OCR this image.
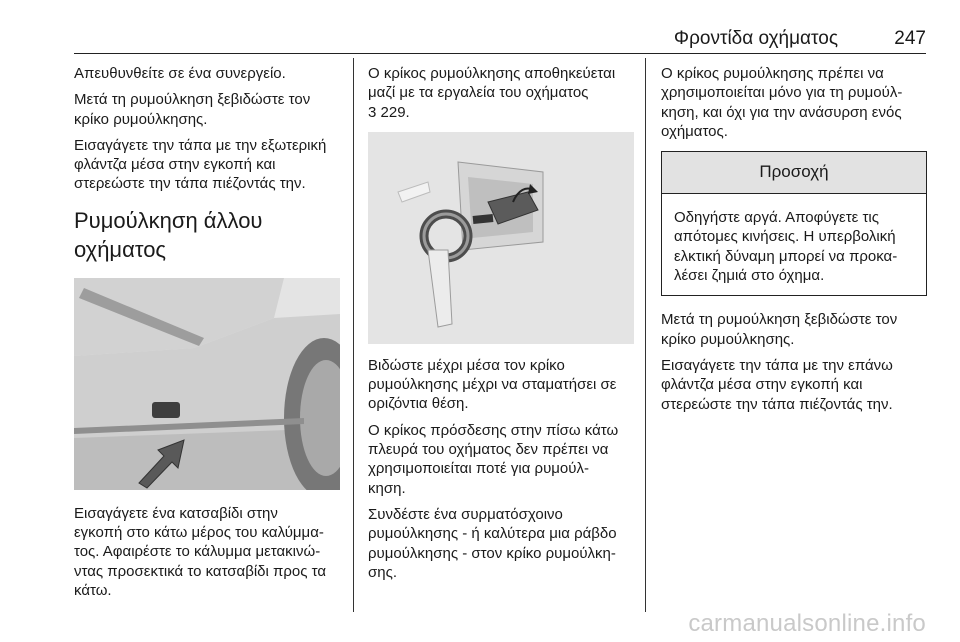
Φροντίδα οχήματος	247

Απευθυνθείτε σε ένα συνεργείο.

Μετά τη ρυμούλκηση ξεβιδώστε τον
κρίκο ρυμούλκησης.

Εισαγάγετε την τάπα με την εξωτερική
φλάντζα μέσα στην εγκοπή και
στερεώστε την τάπα πιέζοντάς την.

Ρυμούλκηση άλλου
οχήματος

Εισαγάγετε ένα κατσαβίδι στην
εγκοπή στο κάτω μέρος του καλύμμα-
τος. Αφαιρέστε το κάλυμμα μετακινώ-
ντας προσεκτικά το κατσαβίδι προς τα
κάτω.

Ο κρίκος ρυμούλκησης αποθηκεύεται
μαζί με τα εργαλεία του οχήματος
3 229.

Βιδώστε μέχρι μέσα τον κρίκο
ρυμούλκησης μέχρι να σταματήσει σε
οριζόντια θέση.

Ο κρίκος πρόσδεσης στην πίσω κάτω
πλευρά του οχήματος δεν πρέπει να
χρησιμοποιείται ποτέ για ρυμούλ-
κηση.

Συνδέστε ένα συρματόσχοινο
ρυμούλκησης - ή καλύτερα μια ράβδο
ρυμούλκησης - στον κρίκο ρυμούλκη-
σης.

Ο κρίκος ρυμούλκησης πρέπει να
χρησιμοποιείται μόνο για τη ρυμούλ-
κηση, και όχι για την ανάσυρση ενός
οχήματος.

Προσοχή

Οδηγήστε αργά. Αποφύγετε τις
απότομες κινήσεις. Η υπερβολική
ελκτική δύναμη μπορεί να προκα-
λέσει ζημιά στο όχημα.

Μετά τη ρυμούλκηση ξεβιδώστε τον
κρίκο ρυμούλκησης.

Εισαγάγετε την τάπα με την επάνω
φλάντζα μέσα στην εγκοπή και
στερεώστε την τάπα πιέζοντάς την.

carmanualsonline.info
